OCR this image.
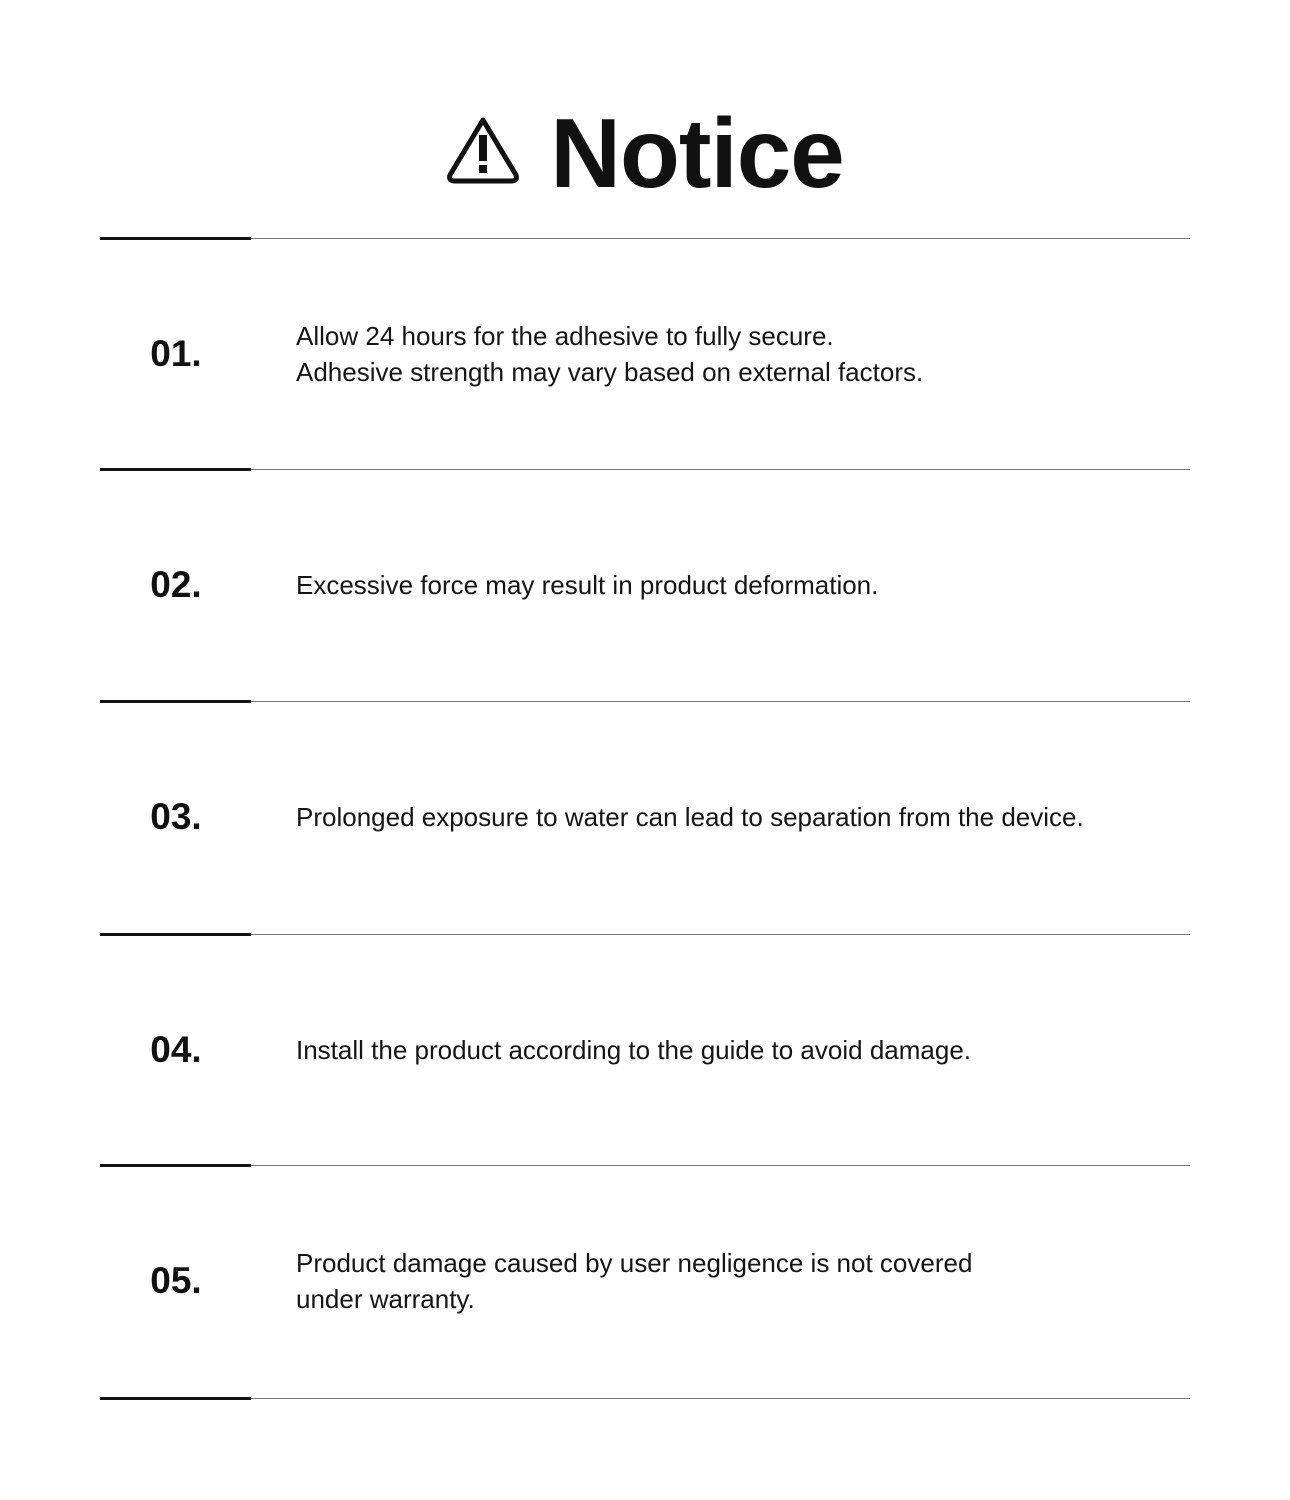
Notice
01.	Allow 24 hours for the adhesive to fully secure.
Adhesive strength may vary based on external factors.
02.	Excessive force may result in product deformation.
03.	Prolonged exposure to water can lead to separation from the device.
04.	Install the product according to the guide to avoid damage.
05.	Product damage caused by user negligence is not covered
under warranty.
